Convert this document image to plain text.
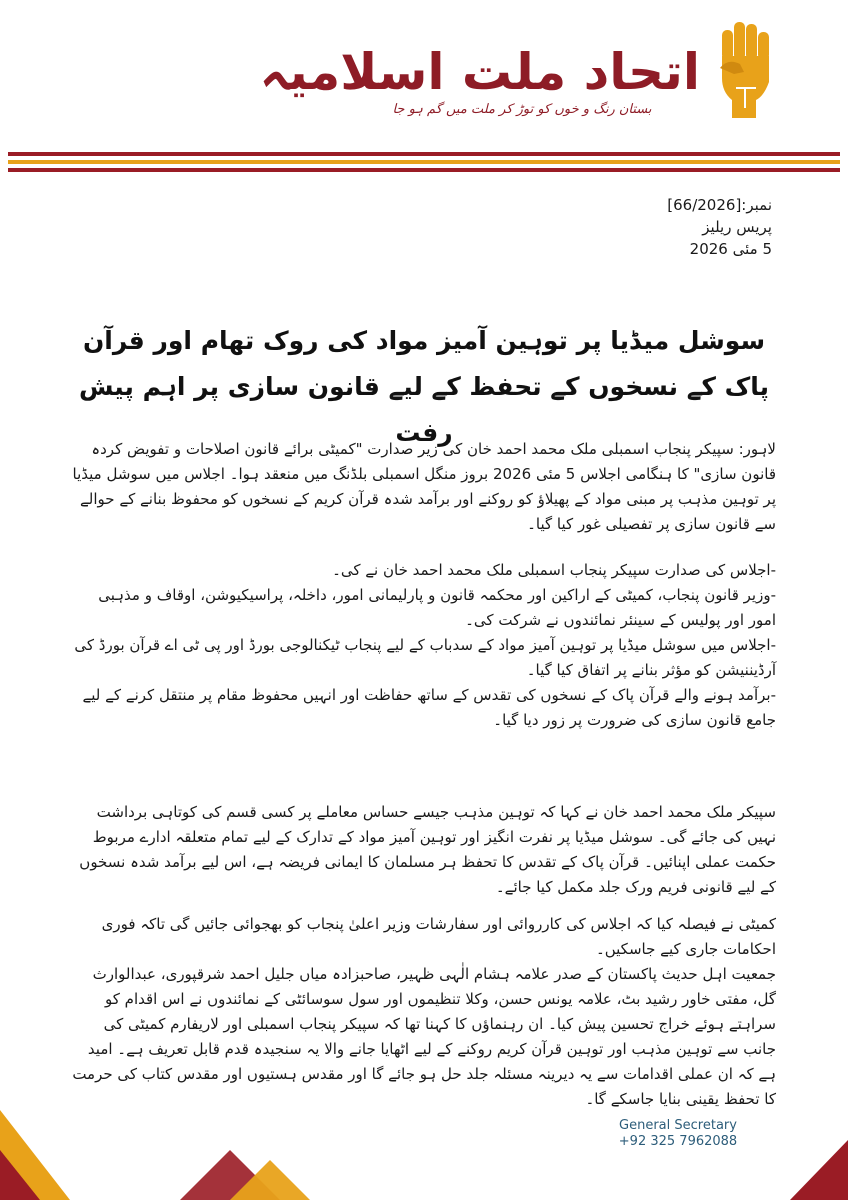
اتحاد ملت اسلامیہ
بستان رنگ و خوں کو توڑ کر ملت میں گم ہو جا
نمبر:[66/2026]
پریس ریلیز
5 مئی 2026
سوشل میڈیا پر توہین آمیز مواد کی روک تھام اور قرآن پاک کے نسخوں کے تحفظ کے لیے قانون سازی پر اہم پیش رفت
لاہور: سپیکر پنجاب اسمبلی ملک محمد احمد خان کی زیر صدارت "کمیٹی برائے قانون اصلاحات و تفویض کردہ قانون سازی" کا ہنگامی اجلاس 5 مئی 2026 بروز منگل اسمبلی بلڈنگ میں منعقد ہوا۔ اجلاس میں سوشل میڈیا پر توہین مذہب پر مبنی مواد کے پھیلاؤ کو روکنے اور برآمد شدہ قرآن کریم کے نسخوں کو محفوظ بنانے کے حوالے سے قانون سازی پر تفصیلی غور کیا گیا۔
-اجلاس کی صدارت سپیکر پنجاب اسمبلی ملک محمد احمد خان نے کی۔
-وزیر قانون پنجاب، کمیٹی کے اراکین اور محکمہ قانون و پارلیمانی امور، داخلہ، پراسیکیوشن، اوقاف و مذہبی امور اور پولیس کے سینئر نمائندوں نے شرکت کی۔
-اجلاس میں سوشل میڈیا پر توہین آمیز مواد کے سدباب کے لیے پنجاب ٹیکنالوجی بورڈ اور پی ٹی اے قرآن بورڈ کی آرڈیننیشن کو مؤثر بنانے پر اتفاق کیا گیا۔
-برآمد ہونے والے قرآن پاک کے نسخوں کی تقدس کے ساتھ حفاظت اور انہیں محفوظ مقام پر منتقل کرنے کے لیے جامع قانون سازی کی ضرورت پر زور دیا گیا۔
سپیکر ملک محمد احمد خان نے کہا کہ توہین مذہب جیسے حساس معاملے پر کسی قسم کی کوتاہی برداشت نہیں کی جائے گی۔ سوشل میڈیا پر نفرت انگیز اور توہین آمیز مواد کے تدارک کے لیے تمام متعلقہ ادارے مربوط حکمت عملی اپنائیں۔ قرآن پاک کے تقدس کا تحفظ ہر مسلمان کا ایمانی فریضہ ہے، اس لیے برآمد شدہ نسخوں کے لیے قانونی فریم ورک جلد مکمل کیا جائے۔
کمیٹی نے فیصلہ کیا کہ اجلاس کی کارروائی اور سفارشات وزیر اعلیٰ پنجاب کو بھجوائی جائیں گی تاکہ فوری احکامات جاری کیے جاسکیں۔
جمعیت اہل حدیث پاکستان کے صدر علامہ ہشام الٰہی ظہیر، صاحبزادہ میاں جلیل احمد شرقپوری، عبدالوارث گل، مفتی خاور رشید بٹ، علامہ یونس حسن، وکلا تنظیموں اور سول سوسائٹی کے نمائندوں نے اس اقدام کو سراہتے ہوئے خراج تحسین پیش کیا۔ ان رہنماؤں کا کہنا تھا کہ سپیکر پنجاب اسمبلی اور لاریفارم کمیٹی کی جانب سے توہین مذہب اور توہین قرآن کریم روکنے کے لیے اٹھایا جانے والا یہ سنجیدہ قدم قابل تعریف ہے۔ امید ہے کہ ان عملی اقدامات سے یہ دیرینہ مسئلہ جلد حل ہو جائے گا اور مقدس ہستیوں اور مقدس کتاب کی حرمت کا تحفظ یقینی بنایا جاسکے گا۔
General Secretary
+92 325 7962088
